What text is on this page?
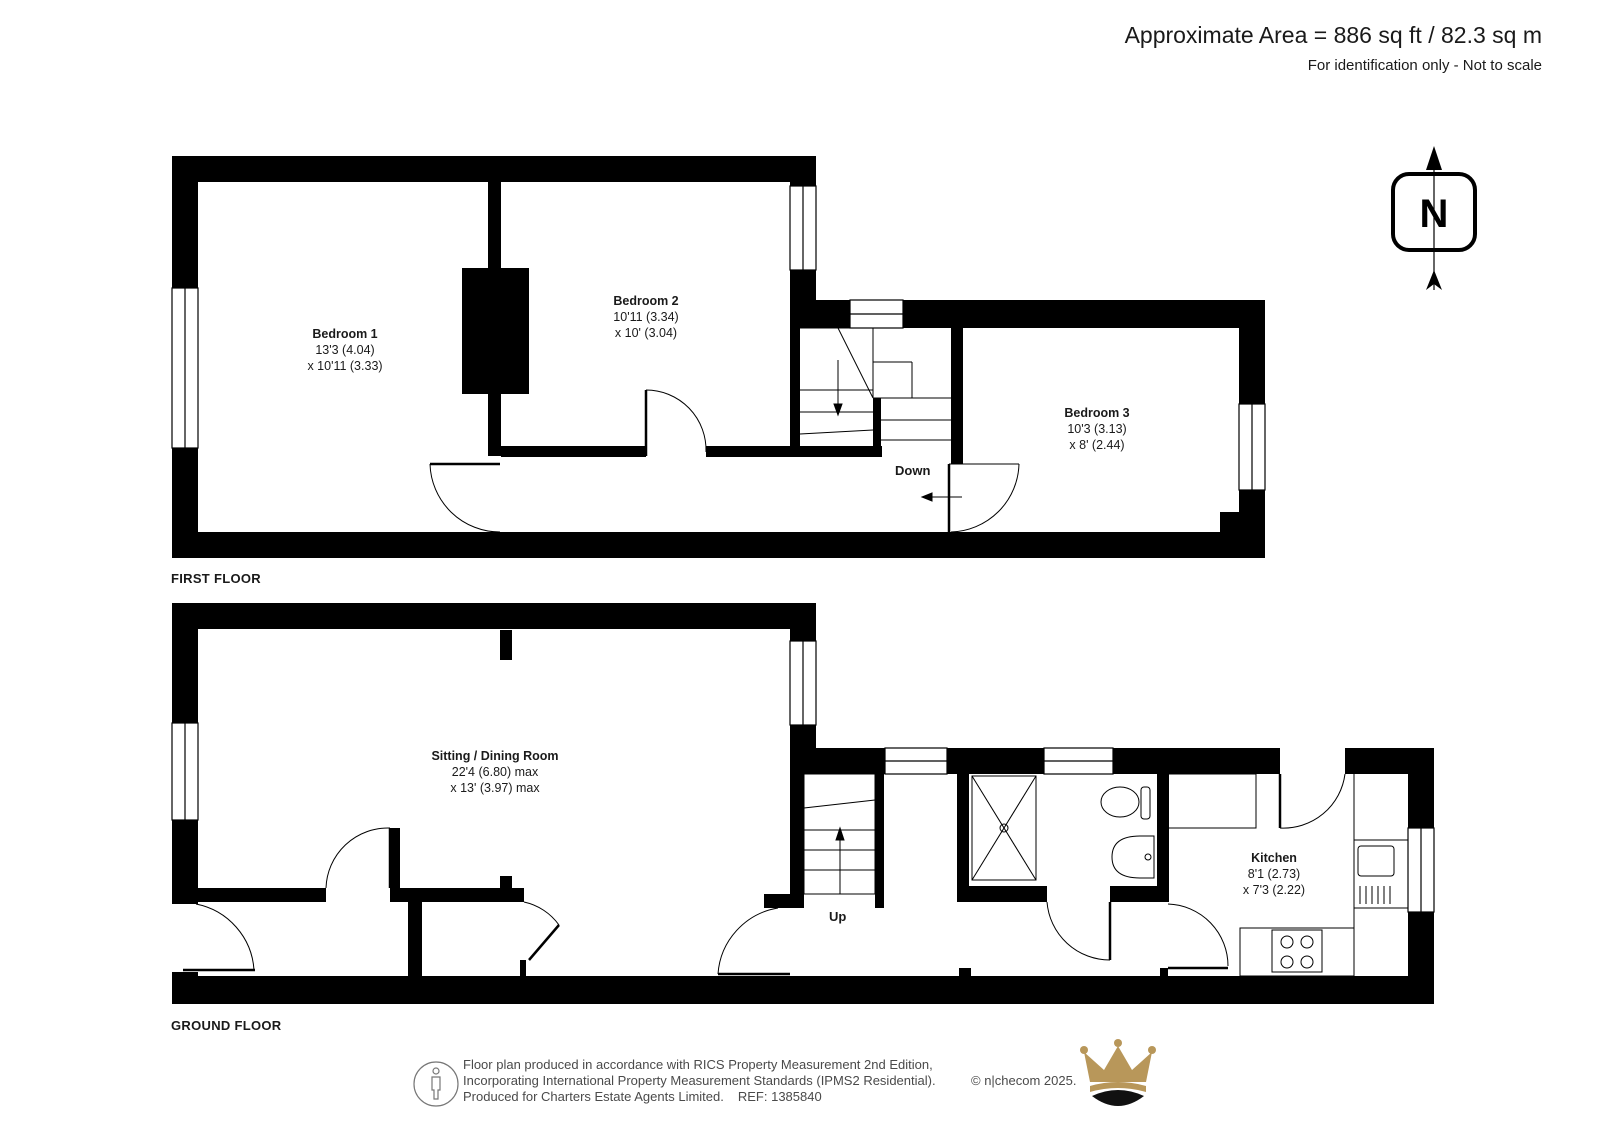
Approximate Area = 886 sq ft / 82.3 sq m
For identification only - Not to scale
N
Bedroom 1
13'3 (4.04)
x 10'11 (3.33)
Bedroom 2
10'11 (3.34)
x 10' (3.04)
Bedroom 3
10'3 (3.13)
x 8' (2.44)
Down
FIRST FLOOR
Sitting / Dining Room
22'4 (6.80) max
x 13' (3.97) max
Kitchen
8'1 (2.73)
x 7'3 (2.22)
Up
GROUND FLOOR
Floor plan produced in accordance with RICS Property Measurement 2nd Edition,
Incorporating International Property Measurement Standards (IPMS2 Residential).
Produced for Charters Estate Agents Limited. REF: 1385840
© n|checom 2025.
